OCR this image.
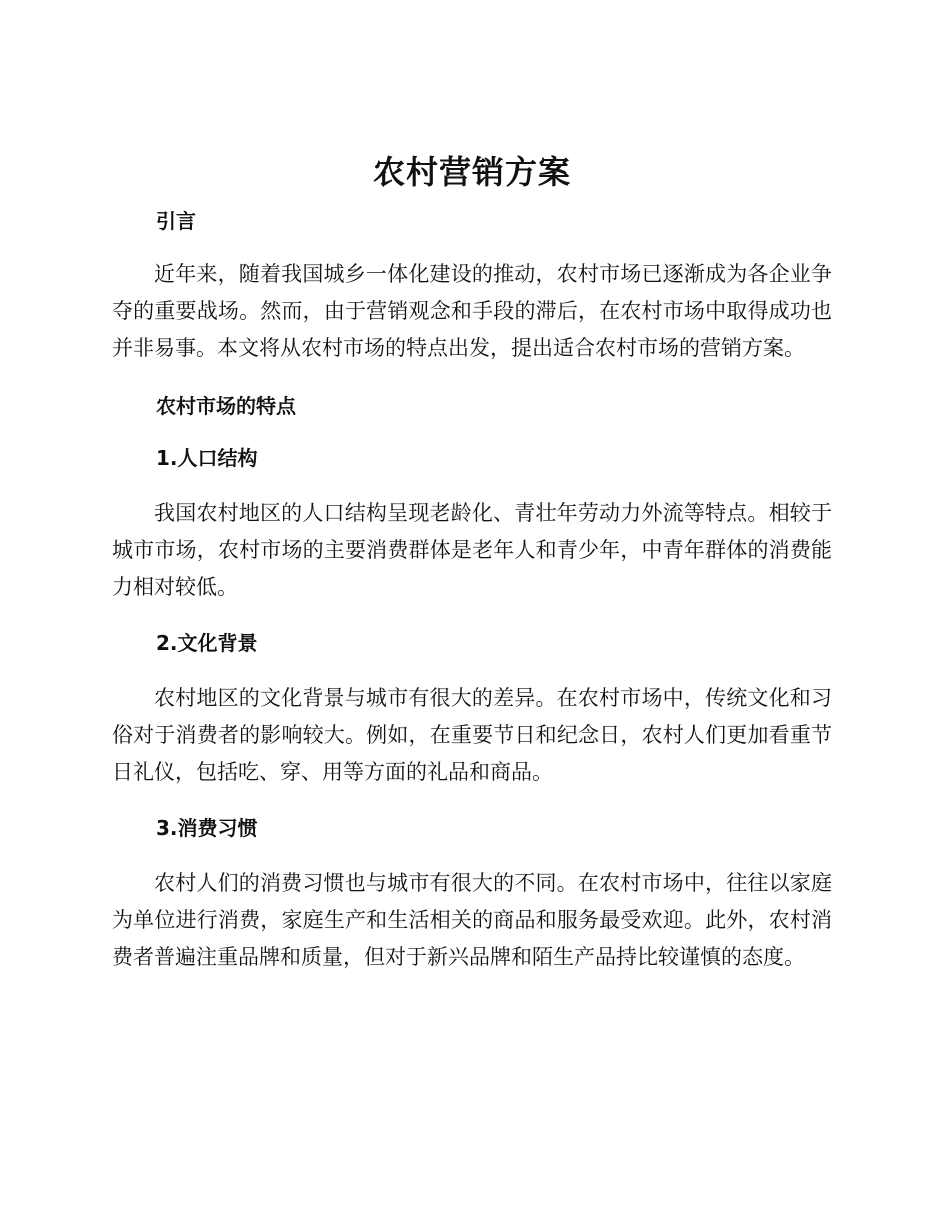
农村营销方案
引言

近年来，随着我国城乡一体化建设的推动，农村市场已逐渐成为各企业争夺的重要战场。然而，由于营销观念和手段的滞后，在农村市场中取得成功也并非易事。本文将从农村市场的特点出发，提出适合农村市场的营销方案。

农村市场的特点
1.人口结构

我国农村地区的人口结构呈现老龄化、青壮年劳动力外流等特点。相较于城市市场，农村市场的主要消费群体是老年人和青少年，中青年群体的消费能力相对较低。

2.文化背景

农村地区的文化背景与城市有很大的差异。在农村市场中，传统文化和习俗对于消费者的影响较大。例如，在重要节日和纪念日，农村人们更加看重节日礼仪，包括吃、穿、用等方面的礼品和商品。

3.消费习惯

农村人们的消费习惯也与城市有很大的不同。在农村市场中，往往以家庭为单位进行消费，家庭生产和生活相关的商品和服务最受欢迎。此外，农村消费者普遍注重品牌和质量，但对于新兴品牌和陌生产品持比较谨慎的态度。
